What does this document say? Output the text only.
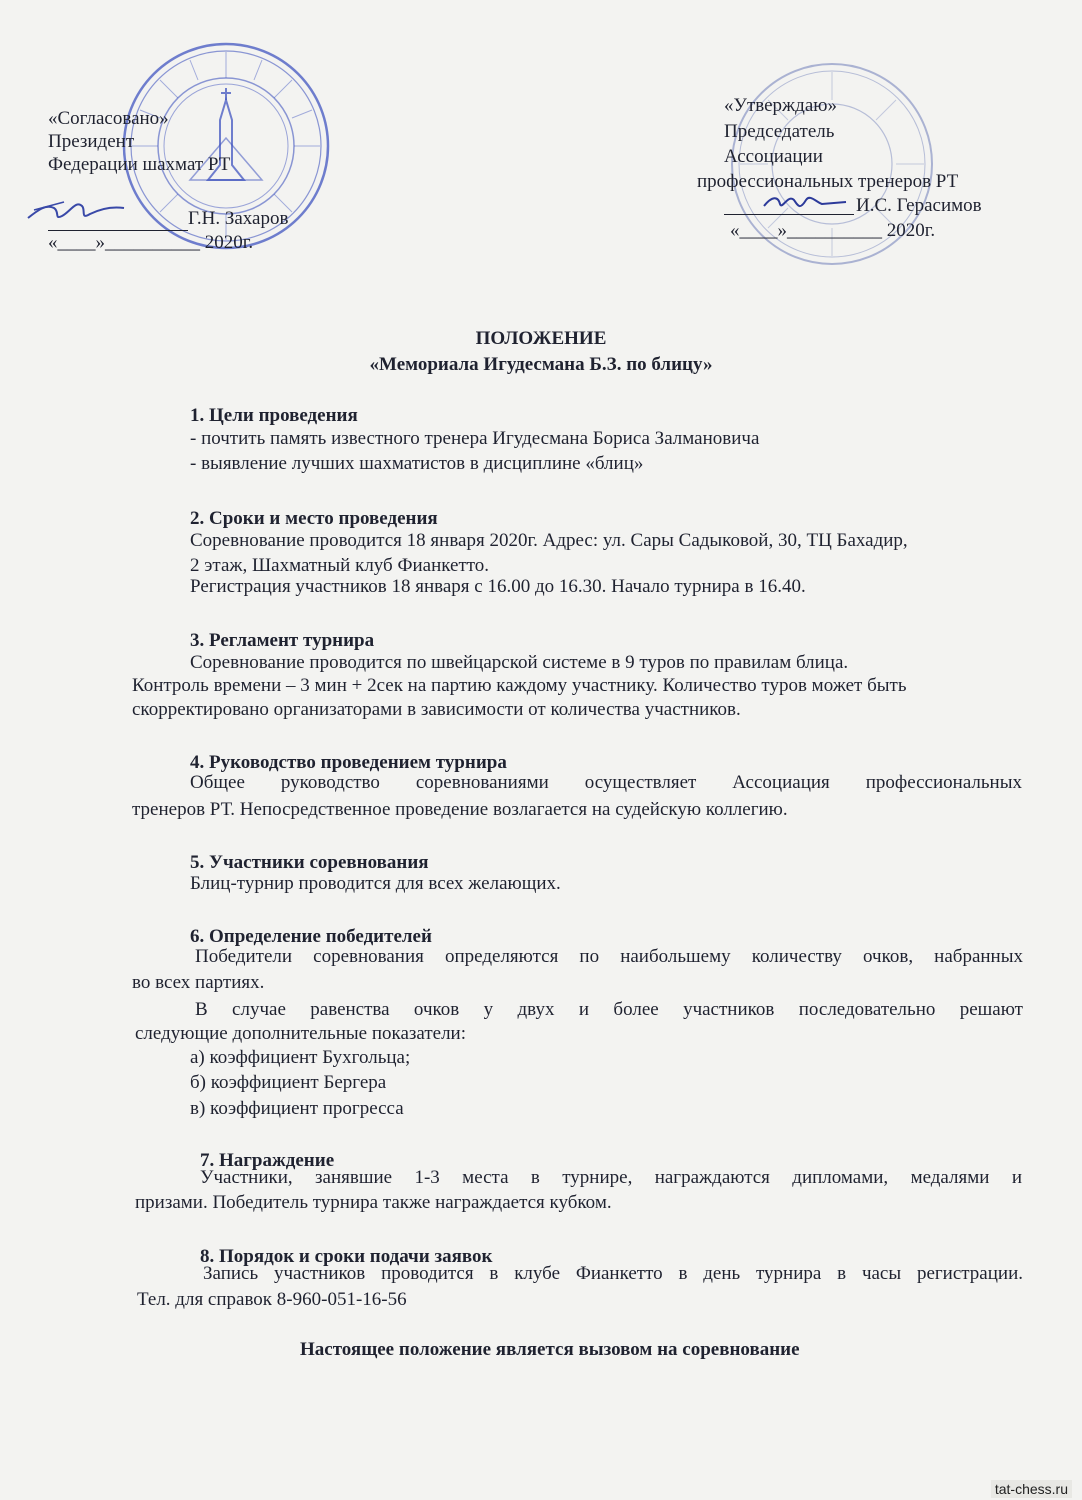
«Согласовано»
Президент
Федерации шахмат РТ
Г.Н. Захаров
«____»__________ 2020г.
«Утверждаю»
Председатель
Ассоциации
профессиональных тренеров РТ
И.С. Герасимов
«____»__________ 2020г.
ПОЛОЖЕНИЕ
«Мемориала Игудесмана Б.З. по блицу»
1. Цели проведения
- почтить память известного тренера Игудесмана Бориса Залмановича
- выявление лучших шахматистов в дисциплине «блиц»
2. Сроки и место проведения
Соревнование проводится 18 января 2020г. Адрес: ул. Сары Садыковой, 30, ТЦ Бахадир,
2 этаж, Шахматный клуб Фианкетто.
Регистрация участников 18 января с 16.00 до 16.30. Начало турнира в 16.40.
3. Регламент турнира
Соревнование проводится по швейцарской системе в 9 туров по правилам блица.
Контроль времени – 3 мин + 2сек на партию каждому участнику. Количество туров может быть
скорректировано организаторами в зависимости от количества участников.
4. Руководство проведением турнира
Общее руководство соревнованиями осуществляет Ассоциация профессиональных
тренеров РТ. Непосредственное проведение возлагается на судейскую коллегию.
5. Участники соревнования
Блиц-турнир проводится для всех желающих.
6. Определение победителей
Победители соревнования определяются по наибольшему количеству очков, набранных
во всех партиях.
В случае равенства очков у двух и более участников последовательно решают
следующие дополнительные показатели:
а) коэффициент Бухгольца;
б) коэффициент Бергера
в) коэффициент прогресса
7. Награждение
Участники, занявшие 1-3 места в турнире, награждаются дипломами, медалями и
призами. Победитель турнира также награждается кубком.
8. Порядок и сроки подачи заявок
Запись участников проводится в клубе Фианкетто в день турнира в часы регистрации.
Тел. для справок 8-960-051-16-56
Настоящее положение является вызовом на соревнование
tat-chess.ru
